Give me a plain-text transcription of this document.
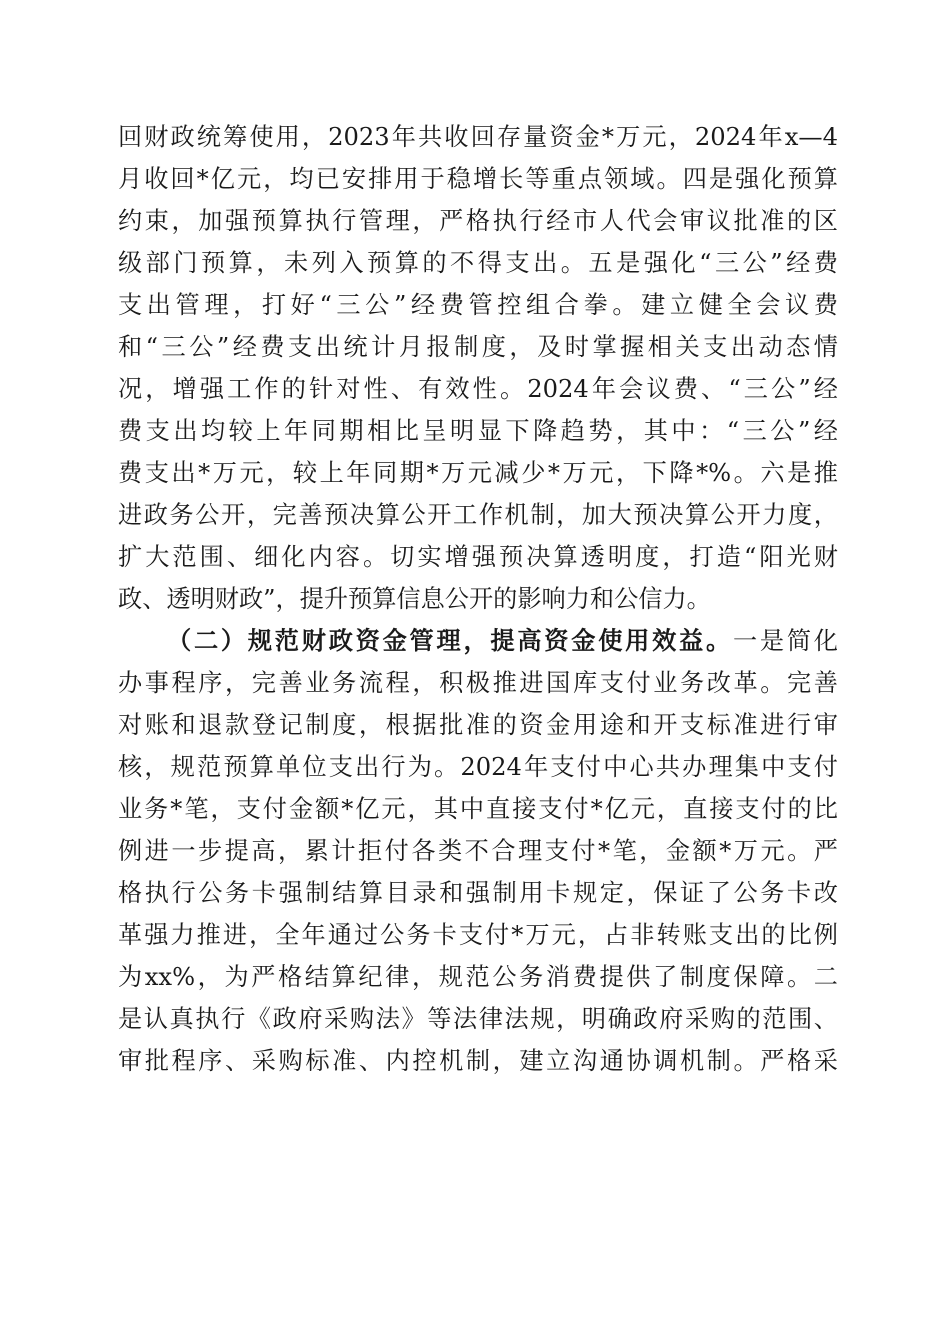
回财政统筹使用，2023年共收回存量资金*万元，2024年x—4
月收回*亿元，均已安排用于稳增长等重点领域。四是强化预算
约束，加强预算执行管理，严格执行经市人代会审议批准的区
级部门预算，未列入预算的不得支出。五是强化“三公”经费
支出管理，打好“三公”经费管控组合拳。建立健全会议费
和“三公”经费支出统计月报制度，及时掌握相关支出动态情
况，增强工作的针对性、有效性。2024年会议费、“三公”经
费支出均较上年同期相比呈明显下降趋势，其中：“三公”经
费支出*万元，较上年同期*万元减少*万元，下降*%。六是推
进政务公开，完善预决算公开工作机制，加大预决算公开力度，
扩大范围、细化内容。切实增强预决算透明度，打造“阳光财
政、透明财政”，提升预算信息公开的影响力和公信力。
（二）规范财政资金管理，提高资金使用效益。一是简化
办事程序，完善业务流程，积极推进国库支付业务改革。完善
对账和退款登记制度，根据批准的资金用途和开支标准进行审
核，规范预算单位支出行为。2024年支付中心共办理集中支付
业务*笔，支付金额*亿元，其中直接支付*亿元，直接支付的比
例进一步提高，累计拒付各类不合理支付*笔，金额*万元。严
格执行公务卡强制结算目录和强制用卡规定，保证了公务卡改
革强力推进，全年通过公务卡支付*万元，占非转账支出的比例
为xx%，为严格结算纪律，规范公务消费提供了制度保障。二
是认真执行《政府采购法》等法律法规，明确政府采购的范围、
审批程序、采购标准、内控机制，建立沟通协调机制。严格采
